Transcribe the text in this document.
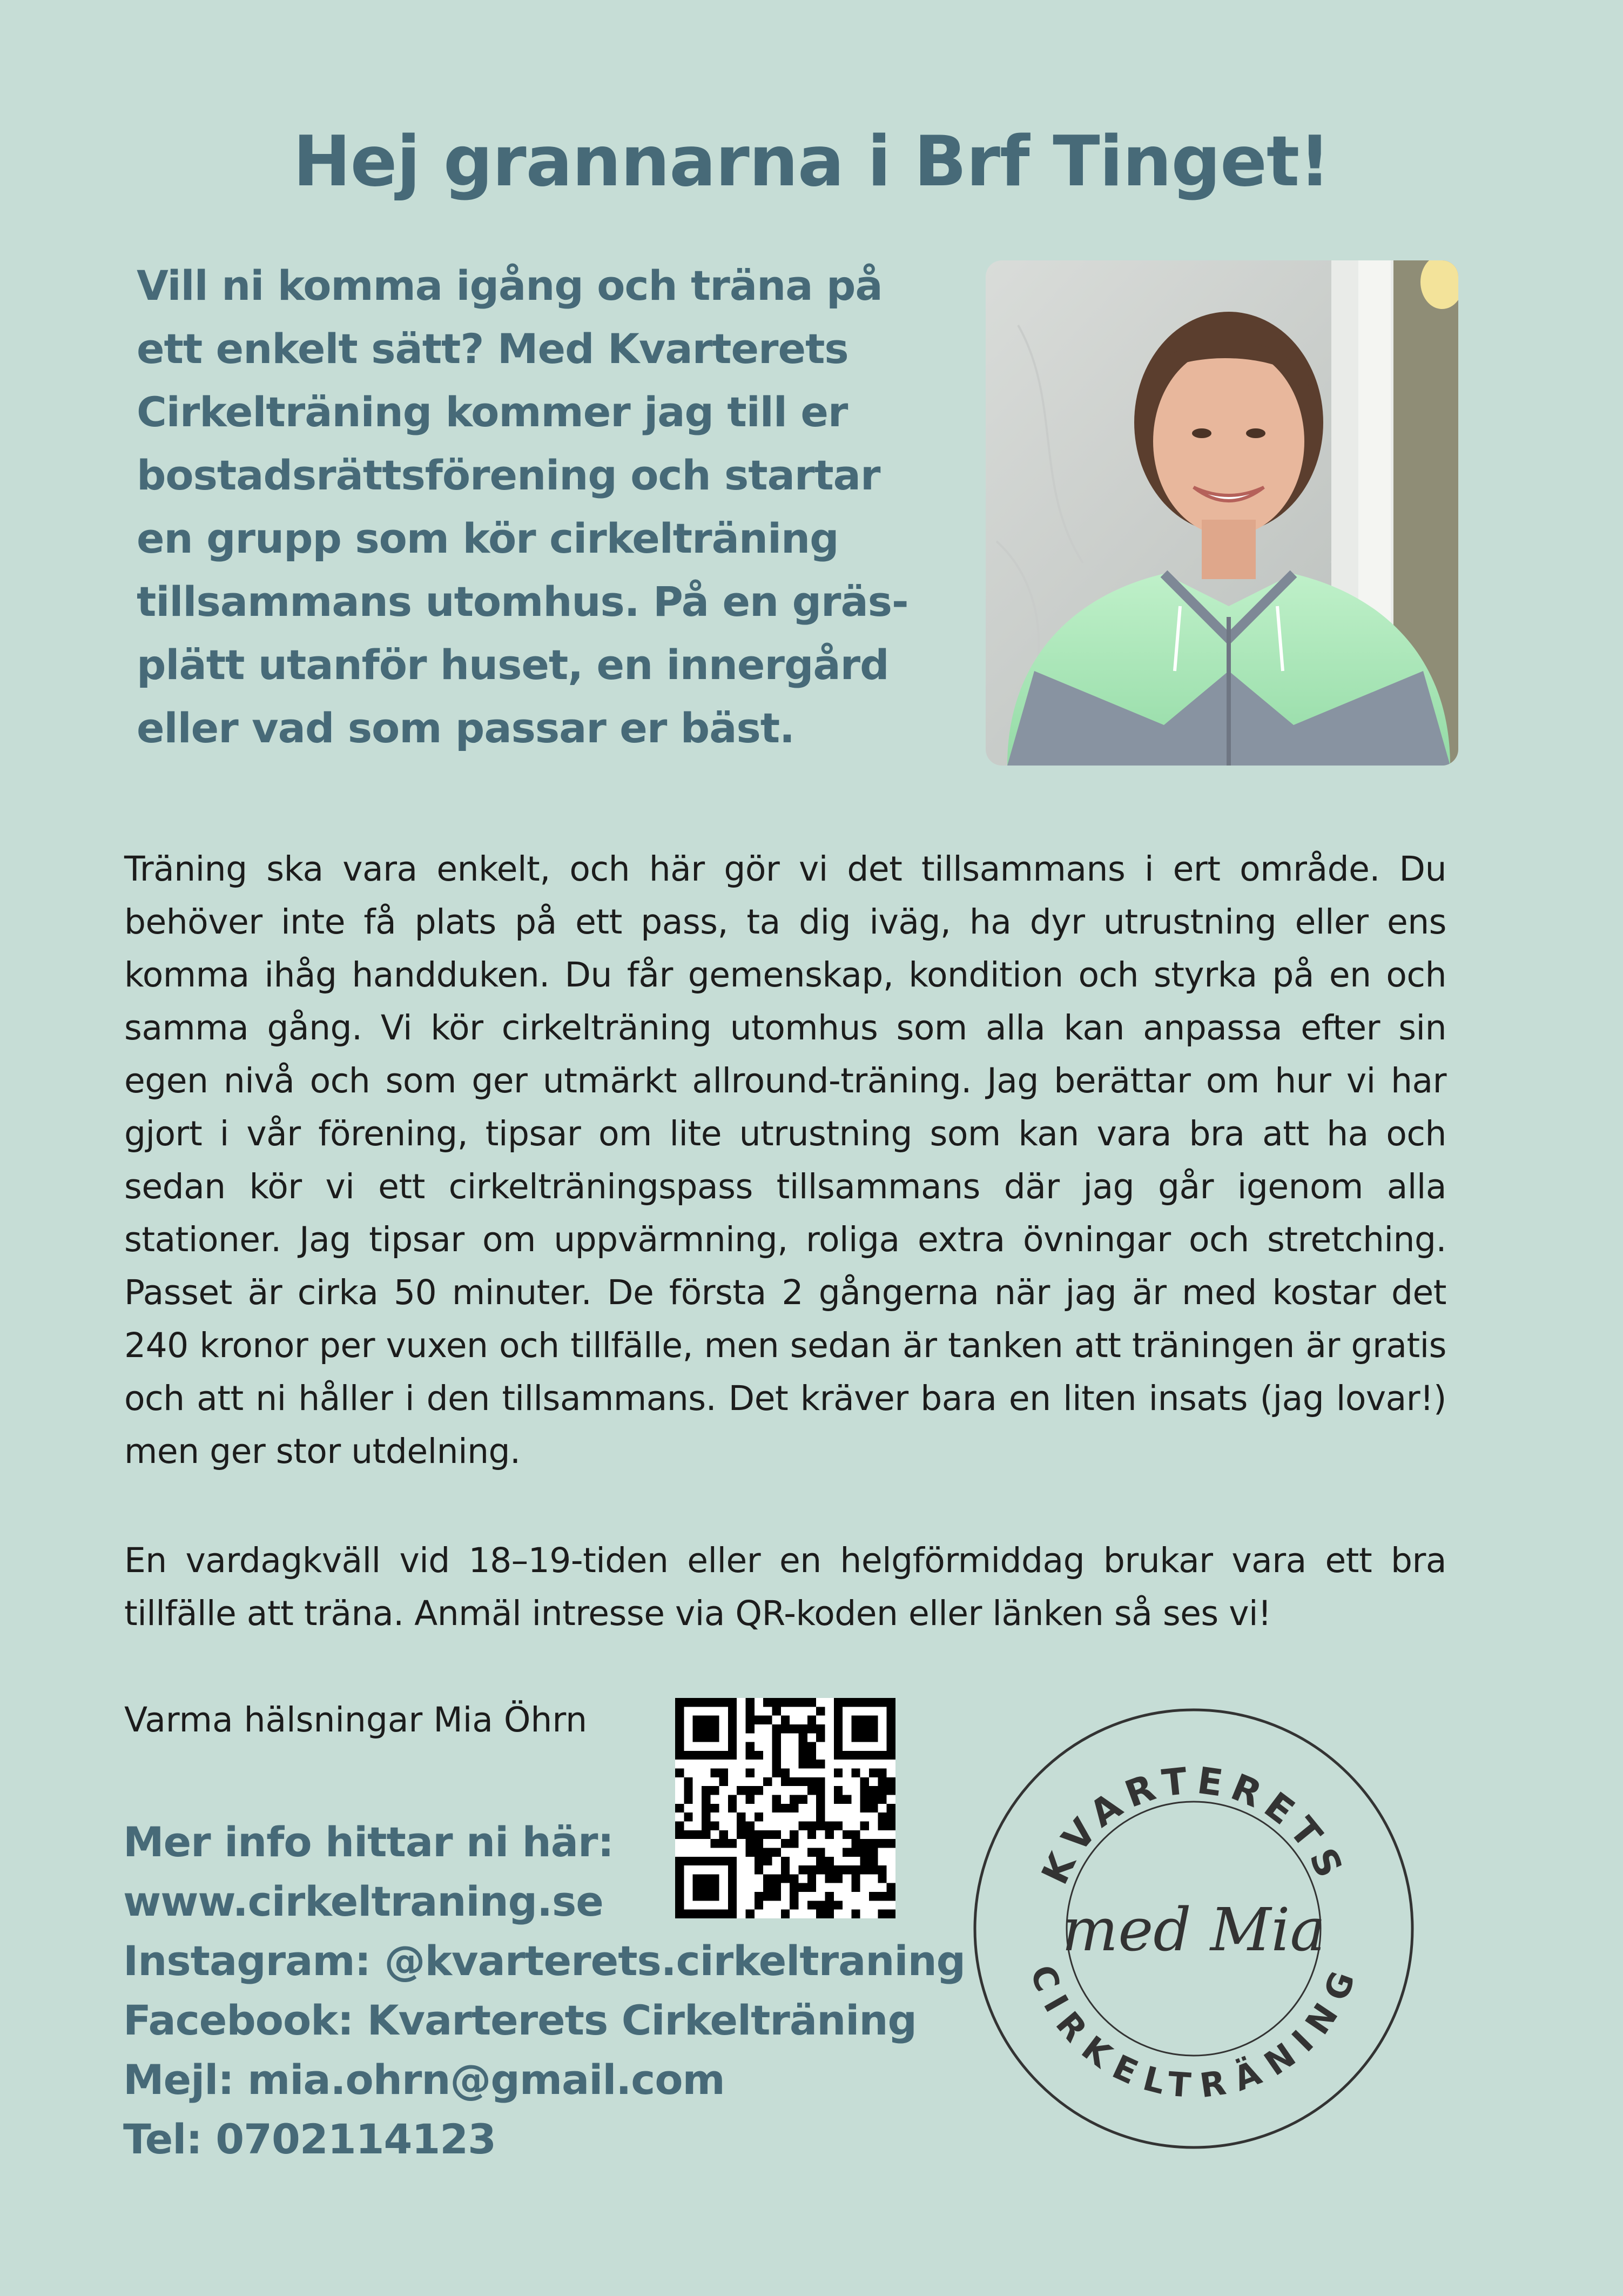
Hej grannarna i Brf Tinget!
Vill ni komma igång och träna på
ett enkelt sätt? Med Kvarterets
Cirkelträning kommer jag till er
bostadsrättsförening och startar
en grupp som kör cirkelträning
tillsammans utomhus. På en gräs-
plätt utanför huset, en innergård
eller vad som passar er bäst.

Träning ska vara enkelt, och här gör vi det tillsammans i ert område. Du behöver inte få plats på ett pass, ta dig iväg, ha dyr utrustning eller ens komma ihåg handduken. Du får gemenskap, kondition och styrka på en och samma gång. Vi kör cirkelträning utomhus som alla kan anpassa efter sin egen nivå och som ger utmärkt allround-träning. Jag berättar om hur vi har gjort i vår förening, tipsar om lite utrustning som kan vara bra att ha och sedan kör vi ett cirkelträningspass tillsammans där jag går igenom alla stationer. Jag tipsar om uppvärmning, roliga extra övningar och stretching. Passet är cirka 50 minuter. De första 2 gångerna när jag är med kostar det 240 kronor per vuxen och tillfälle, men sedan är tanken att träningen är gratis och att ni håller i den tillsammans. Det kräver bara en liten insats (jag lovar!) men ger stor utdelning.

En vardagkväll vid 18–19-tiden eller en helgförmiddag brukar vara ett bra tillfälle att träna. Anmäl intresse via QR-koden eller länken så ses vi!

Varma hälsningar Mia Öhrn

Mer info hittar ni här:
www.cirkeltraning.se
Instagram: @kvarterets.cirkeltraning
Facebook: Kvarterets Cirkelträning
Mejl: mia.ohrn@gmail.com
Tel: 0702114123
KVARTERETS
CIRKELTRÄNING
med Mia
